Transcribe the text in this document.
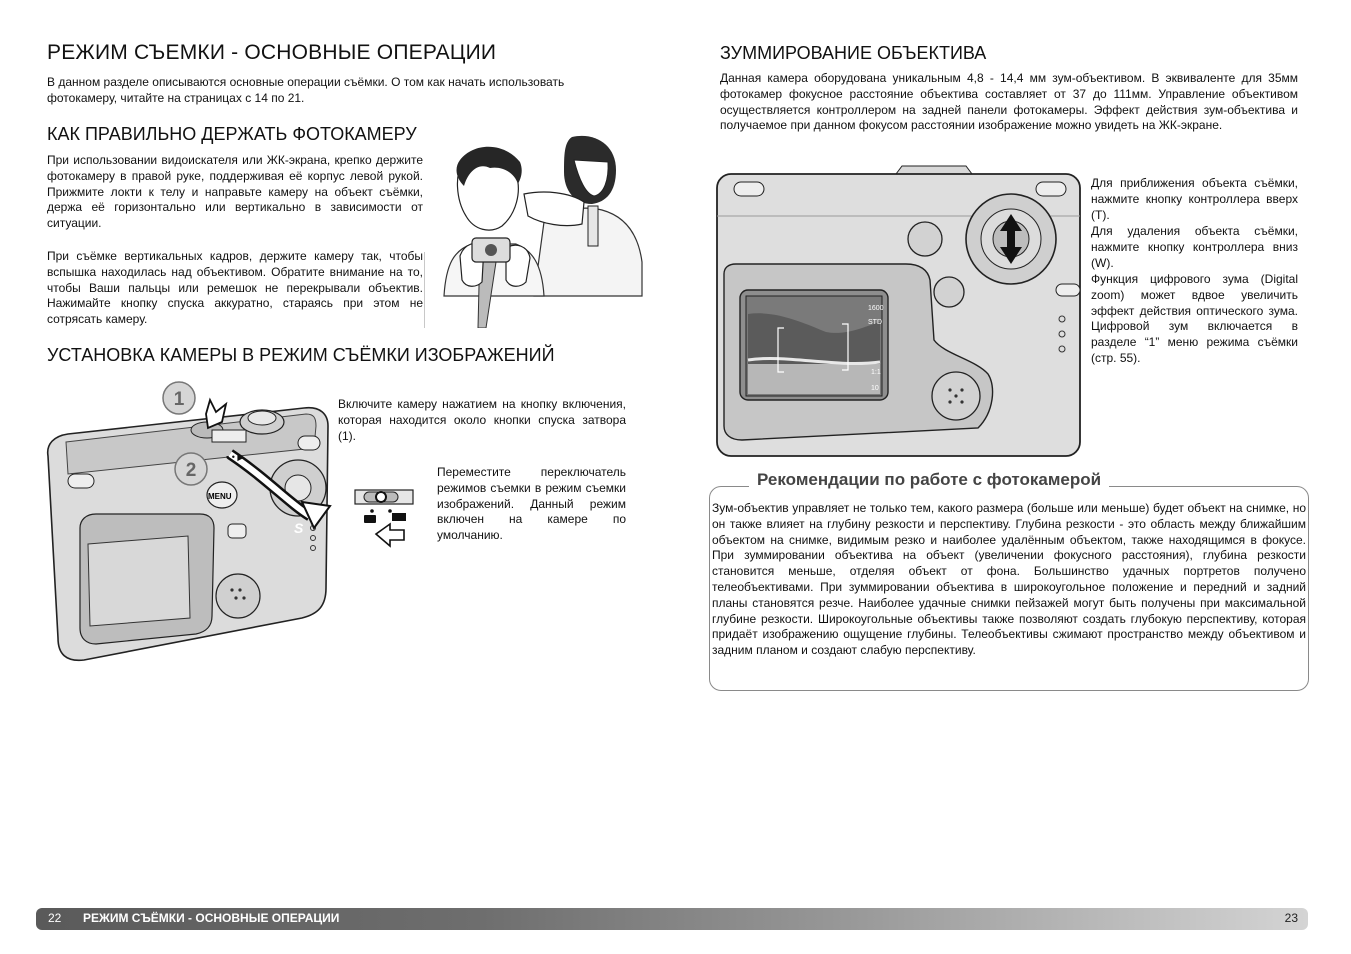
РЕЖИМ СЪЕМКИ - ОСНОВНЫЕ ОПЕРАЦИИ
В данном разделе описываются основные операции съёмки. О том как начать использовать фотокамеру, читайте на страницах с 14 по 21.
КАК ПРАВИЛЬНО ДЕРЖАТЬ ФОТОКАМЕРУ
При использовании видоискателя или ЖК-экрана, крепко держите фотокамеру в правой руке, поддерживая её корпус левой рукой. Прижмите локти к телу и направьте камеру на объект съёмки, держа её горизонтально или вертикально в зависимости от ситуации.
При съёмке вертикальных кадров, держите камеру так, чтобы вспышка находилась над объективом. Обратите внимание на то, чтобы Ваши пальцы или ремешок не перекрывали объектив. Нажимайте кнопку спуска аккуратно, стараясь при этом не сотрясать камеру.
УСТАНОВКА КАМЕРЫ В РЕЖИМ СЪЁМКИ ИЗОБРАЖЕНИЙ
MENU
S
1
2
▪ • ▶
Включите камеру нажатием на кнопку включения, которая находится около кнопки спуска затвора (1).
Переместите переключатель режимов съемки в режим съемки изображений. Данный режим включен на камере по умолчанию.
ЗУММИРОВАНИЕ ОБЪЕКТИВА
Данная камера оборудована уникальным 4,8 - 14,4 мм зум-объективом. В эквиваленте для 35мм фотокамер фокусное расстояние объектива составляет от 37 до 111мм. Управление объективом осуществляется контроллером на задней панели фотокамеры. Эффект действия зум-объектива и получаемое при данном фокусом расстоянии изображение можно увидеть на ЖК-экране.
1600
STD
1:1
10
Для приближения объекта съёмки, нажмите кнопку контроллера вверх (T).
Для удаления объекта съёмки, нажмите кнопку контроллера вниз (W).
Функция цифрового зума (Digital zoom) может вдвое увеличить эффект действия оптического зума. Цифровой зум включается в разделе “1” меню режима съёмки (стр. 55).
Рекомендации по работе с фотокамерой
Зум-объектив управляет не только тем, какого размера (больше или меньше) будет объект на снимке, но он также влияет на глубину резкости и перспективу. Глубина резкости - это область между ближайшим объектом на снимке, видимым резко и наиболее удалённым объектом, также находящимся в фокусе. При зуммировании объектива на объект (увеличении фокусного расстояния), глубина резкости становится меньше, отделяя объект от фона. Большинство удачных портретов получено телеобъективами. При зуммировании объектива в широкоугольное положение и передний и задний планы становятся резче. Наиболее удачные снимки пейзажей могут быть получены при максимальной глубине резкости. Широкоугольные объективы также позволяют создать глубокую перспективу, которая придаёт изображению ощущение глубины. Телеобъективы сжимают пространство между объективом и задним планом и создают слабую перспективу.
22 РЕЖИМ СЪЁМКИ - ОСНОВНЫЕ ОПЕРАЦИИ	23
